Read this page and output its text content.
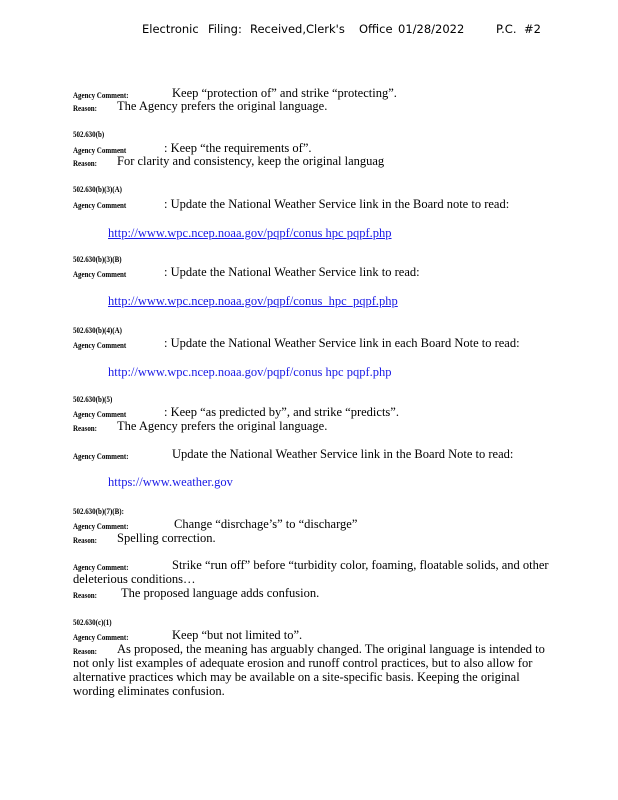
Electronic Filing: Received,Clerk's Office 01/28/2022	P.C. #2
Agency Comment:	Keep “protection of” and strike “protecting”.
Reason: The Agency prefers the original language.
502.630(b)
Agency Comment	: Keep “the requirements of”.
Reason: For clarity and consistency, keep the original languag
502.630(b)(3)(A)
Agency Comment	: Update the National Weather Service link in the Board note to read:
http://www.wpc.ncep.noaa.gov/pqpf/conus hpc pqpf.php
502.630(b)(3)(B)
Agency Comment	: Update the National Weather Service link to read:
http://www.wpc.ncep.noaa.gov/pqpf/conus_hpc_pqpf.php
502.630(b)(4)(A)
Agency Comment	: Update the National Weather Service link in each Board Note to read:
http://www.wpc.ncep.noaa.gov/pqpf/conus hpc pqpf.php
502.630(b)(5)
Agency Comment	: Keep “as predicted by”, and strike “predicts”.
Reason: The Agency prefers the original language.
Agency Comment:	Update the National Weather Service link in the Board Note to read:
https://www.weather.gov
502.630(b)(7)(B):
Agency Comment:	Change “disrchage’s” to “discharge”
Reason: Spelling correction.
Agency Comment:	Strike “run off” before “turbidity color, foaming, floatable solids, and other
deleterious conditions…
Reason: The proposed language adds confusion.
502.630(c)(1)
Agency Comment:	Keep “but not limited to”.
Reason: As proposed, the meaning has arguably changed. The original language is intended to
not only list examples of adequate erosion and runoff control practices, but to also allow for
alternative practices which may be available on a site-specific basis. Keeping the original
wording eliminates confusion.
